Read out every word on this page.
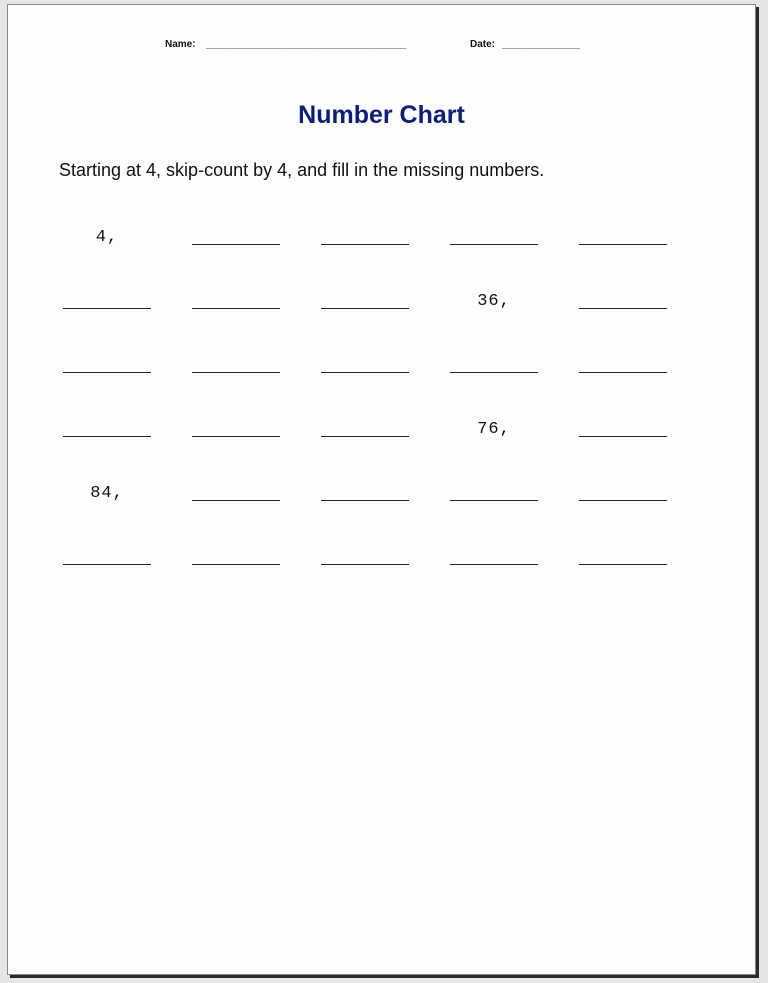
Name: ____________________________________	Date: ______________
Number Chart

Starting at 4, skip-count by 4, and fill in the missing numbers.

4,
36,
76,
84,
